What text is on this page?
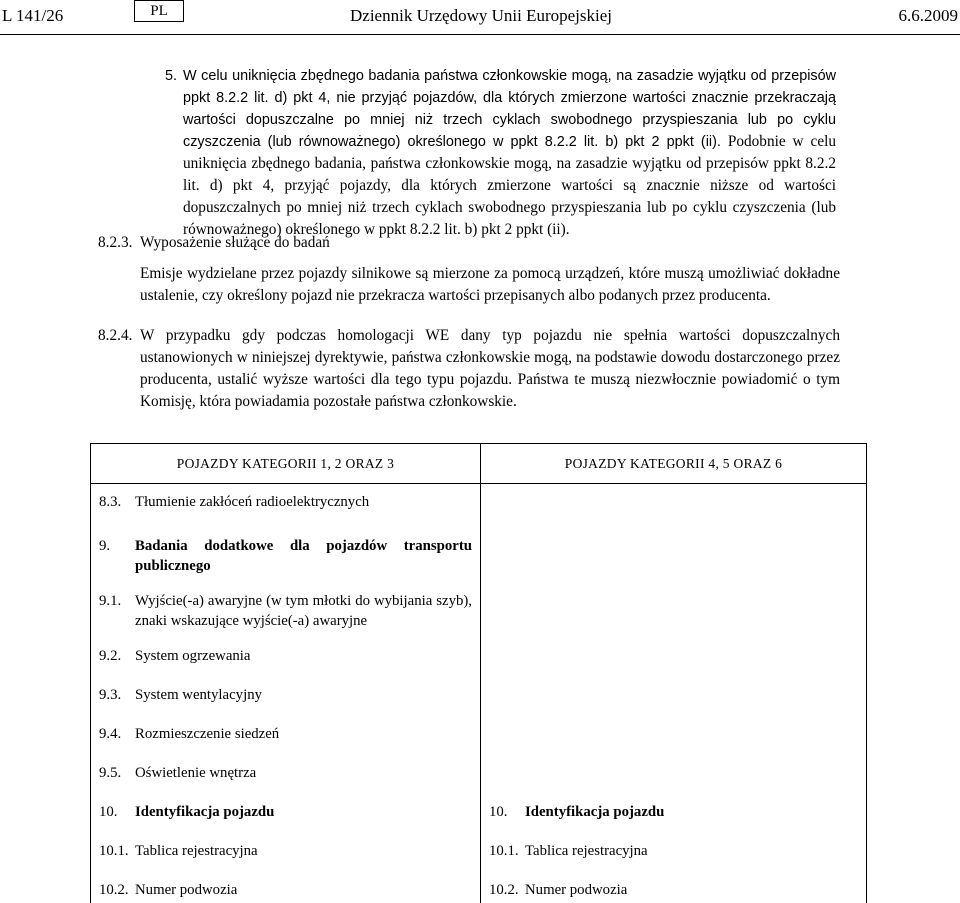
L 141/26	PL	Dziennik Urzędowy Unii Europejskiej	6.6.2009
5. W celu uniknięcia zbędnego badania państwa członkowskie mogą, na zasadzie wyjątku od przepisów ppkt 8.2.2 lit. d) pkt 4, nie przyjąć pojazdów, dla których zmierzone wartości znacznie przekraczają wartości dopuszczalne po mniej niż trzech cyklach swobodnego przyspieszania lub po cyklu czyszczenia (lub równoważnego) określonego w ppkt 8.2.2 lit. b) pkt 2 ppkt (ii). Podobnie w celu uniknięcia zbędnego badania, państwa członkowskie mogą, na zasadzie wyjątku od przepisów ppkt 8.2.2 lit. d) pkt 4, przyjąć pojazdy, dla których zmierzone wartości są znacznie niższe od wartości dopuszczalnych po mniej niż trzech cyklach swobodnego przyspieszania lub po cyklu czyszczenia (lub równoważnego) określonego w ppkt 8.2.2 lit. b) pkt 2 ppkt (ii).
8.2.3. Wyposażenie służące do badań
Emisje wydzielane przez pojazdy silnikowe są mierzone za pomocą urządzeń, które muszą umożliwiać dokładne ustalenie, czy określony pojazd nie przekracza wartości przepisanych albo podanych przez producenta.
8.2.4. W przypadku gdy podczas homologacji WE dany typ pojazdu nie spełnia wartości dopuszczalnych ustanowionych w niniejszej dyrektywie, państwa członkowskie mogą, na podstawie dowodu dostarczonego przez producenta, ustalić wyższe wartości dla tego typu pojazdu. Państwa te muszą niezwłocznie powiadomić o tym Komisję, która powiadamia pozostałe państwa członkowskie.
POJAZDY KATEGORII 1, 2 ORAZ 3	POJAZDY KATEGORII 4, 5 ORAZ 6

8.3. Tłumienie zakłóceń radioelektrycznych	

9. Badania dodatkowe dla pojazdów transportu publicznego	

9.1. Wyjście(-a) awaryjne (w tym młotki do wybijania szyb), znaki wskazujące wyjście(-a) awaryjne	

9.2. System ogrzewania	

9.3. System wentylacyjny	

9.4. Rozmieszczenie siedzeń	

9.5. Oświetlenie wnętrza	

10. Identyfikacja pojazdu	10. Identyfikacja pojazdu

10.1. Tablica rejestracyjna	10.1. Tablica rejestracyjna

10.2. Numer podwozia	10.2. Numer podwozia
